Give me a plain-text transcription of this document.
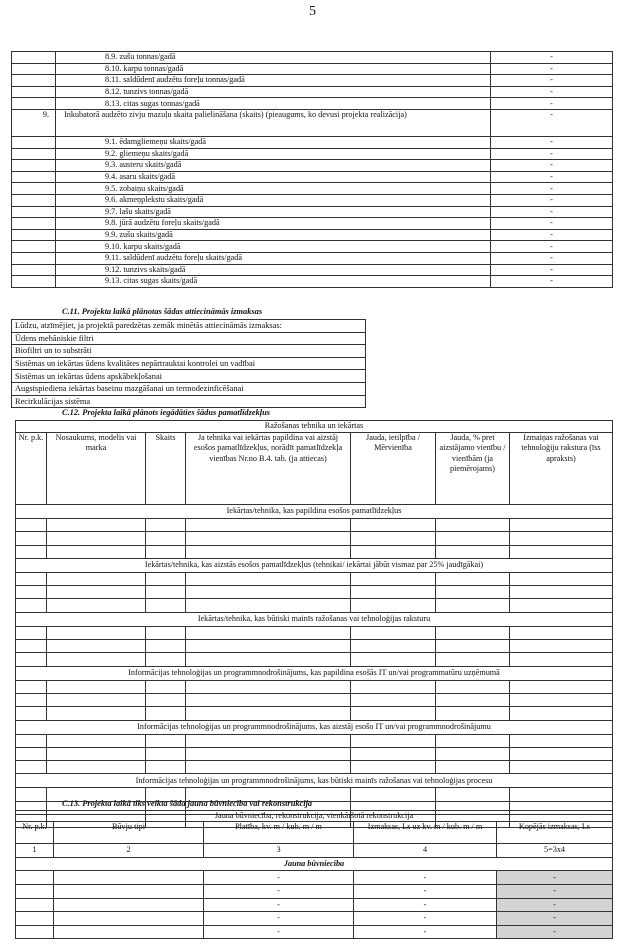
5
	8.9. zušu tonnas/gadā	-
	8.10. karpu tonnas/gadā	-
	8.11. saldūdenī audzētu foreļu tonnas/gadā	-
	8.12. tunzivs tonnas/gadā	-
	8.13. citas sugas tonnas/gadā	-
9.	Inkubatorā audzēto zivju mazuļu skaita palielināšana (skaits) (pieaugums, ko devusi projekta realizācija)	-
	9.1. ēdamgliemeņu skaits/gadā	-
	9.2. gliemeņu skaits/gadā	-
	9.3. austeru skaits/gadā	-
	9.4. asaru skaits/gadā	-
	9.5. zobaiņu skaits/gadā	-
	9.6. akmeņplekstu skaits/gadā	-
	9.7. lašu skaits/gadā	-
	9.8. jūrā audzētu foreļu skaits/gadā	-
	9.9. zušu skaits/gadā	-
	9.10. karpu skaits/gadā	-
	9.11. saldūdenī audzētu foreļu skaits/gadā	-
	9.12. tunzivs skaits/gadā	-
	9.13. citas sugas skaits/gadā	-
C.11. Projekta laikā plānotas šādas attiecināmās izmaksas
Lūdzu, atzīmējiet, ja projektā paredzētas zemāk minētās attiecināmās izmaksas:
Ūdens mehāniskie filtri
Biofiltri un to substrāti
Sistēmas un iekārtas ūdens kvalitātes nepārtrauktai kontrolei un vadībai
Sistēmas un iekārtas ūdens apskābekļošanai
Augstspiediena iekārtas baseinu mazgāšanai un termodezinficēšanai
Recirkulācijas sistēma
C.12. Projekta laikā plānots iegādāties šādus pamatlīdzekļus
Ražošanas tehnika un iekārtas						
Nr. p.k.	Nosaukums, modelis vai marka	Skaits	Ja tehnika vai iekārtas papildina vai aizstāj esošos pamatlīdzekļus, norādīt pamatlīdzekļa vienības Nr.no B.4. tab. (ja attiecas)	Jauda, ietilpība / Mērvienība	Jauda, % pret aizstājamo vienību / vienībām (ja piemērojams)	Izmaiņas ražošanas vai tehnoloģiju rakstura (īss apraksts)
Iekārtas/tehnika, kas papildina esošos pamatlīdzekļus						

Iekārtas/tehnika, kas aizstās esošos pamatlīdzekļus (tehnikai/ iekārtai jābūt vismaz par 25% jaudīgākai)						

Iekārtas/tehnika, kas būtiski mainīs ražošanas vai tehnoloģijas raksturu						

Informācijas tehnoloģijas un programmnodrošinājums, kas papildina esošās IT un/vai programmatūru uzņēmumā						

Informācijas tehnoloģijas un programmnodrošinājums, kas aizstāj esošo IT un/vai programmnodrošinājumu						

Informācijas tehnoloģijas un programmnodrošinājums, kas būtiski mainīs ražošanas vai tehnoloģijas procesu						

C.13. Projekta laikā tiks veikta šāda jauna būvniecība vai rekonstrukcija
Jauna būvniecība, rekonstrukcija, vienkāršotā rekonstrukcija				
Nr. p.k.	Būvju tipi	Platība, kv. m / kub. m / m	Izmaksas, Ls uz kv. m / kub. m / m	Kopējās izmaksas, Ls
1	2	3	4	5=3x4
Jauna būvniecība				
		-	-	-
		-	-	-
		-	-	-
		-	-	-
		-	-	-
